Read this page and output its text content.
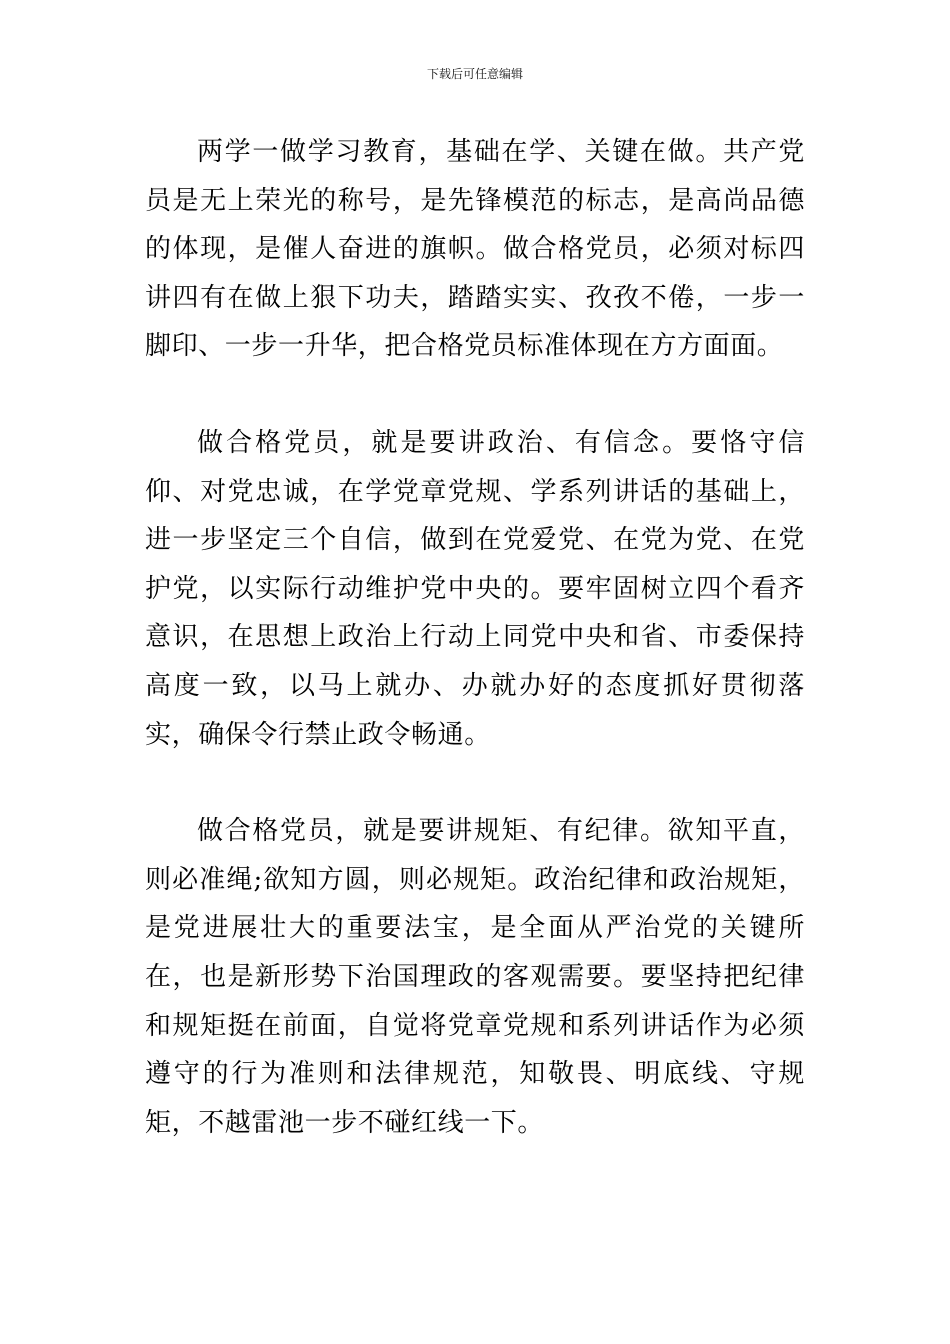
下载后可任意编辑

两学一做学习教育，基础在学、关键在做。共产党员是无上荣光的称号，是先锋模范的标志，是高尚品德的体现，是催人奋进的旗帜。做合格党员，必须对标四讲四有在做上狠下功夫，踏踏实实、孜孜不倦，一步一脚印、一步一升华，把合格党员标准体现在方方面面。

做合格党员，就是要讲政治、有信念。要恪守信仰、对党忠诚，在学党章党规、学系列讲话的基础上，进一步坚定三个自信，做到在党爱党、在党为党、在党护党，以实际行动维护党中央的。要牢固树立四个看齐意识，在思想上政治上行动上同党中央和省、市委保持高度一致，以马上就办、办就办好的态度抓好贯彻落实，确保令行禁止政令畅通。

做合格党员，就是要讲规矩、有纪律。欲知平直，则必准绳;欲知方圆，则必规矩。政治纪律和政治规矩，是党进展壮大的重要法宝，是全面从严治党的关键所在，也是新形势下治国理政的客观需要。要坚持把纪律和规矩挺在前面，自觉将党章党规和系列讲话作为必须遵守的行为准则和法律规范，知敬畏、明底线、守规矩，不越雷池一步不碰红线一下。
